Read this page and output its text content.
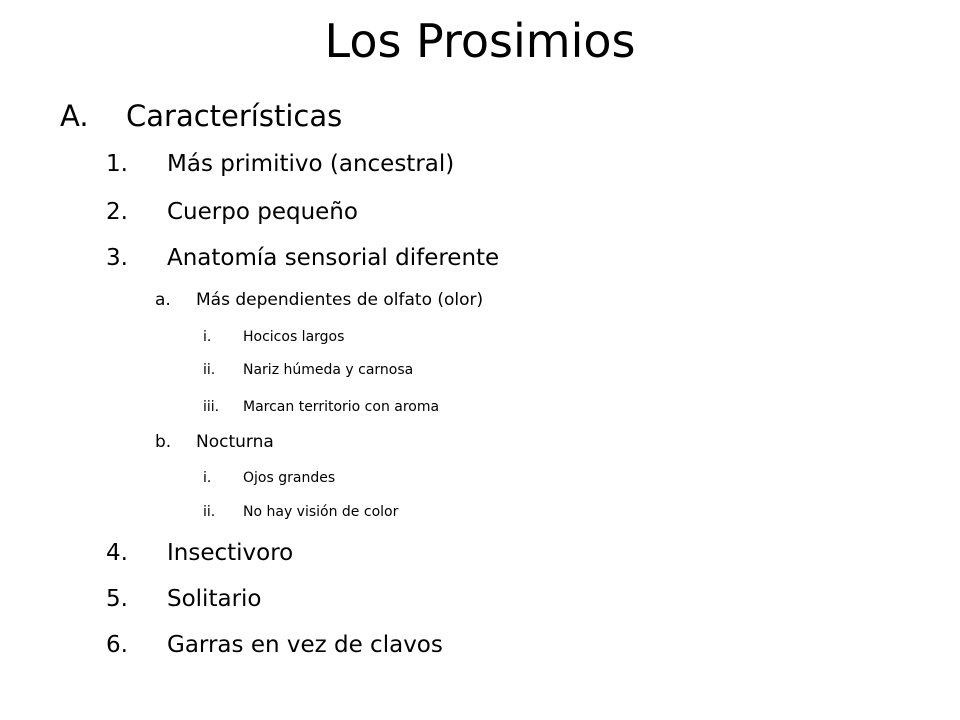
Los Prosimios
A. Características
1. Más primitivo (ancestral)
2. Cuerpo pequeño
3. Anatomía sensorial diferente
a. Más dependientes de olfato (olor)
i. Hocicos largos
ii. Nariz húmeda y carnosa
iii. Marcan territorio con aroma
b. Nocturna
i. Ojos grandes
ii. No hay visión de color
4. Insectivoro
5. Solitario
6. Garras en vez de clavos
